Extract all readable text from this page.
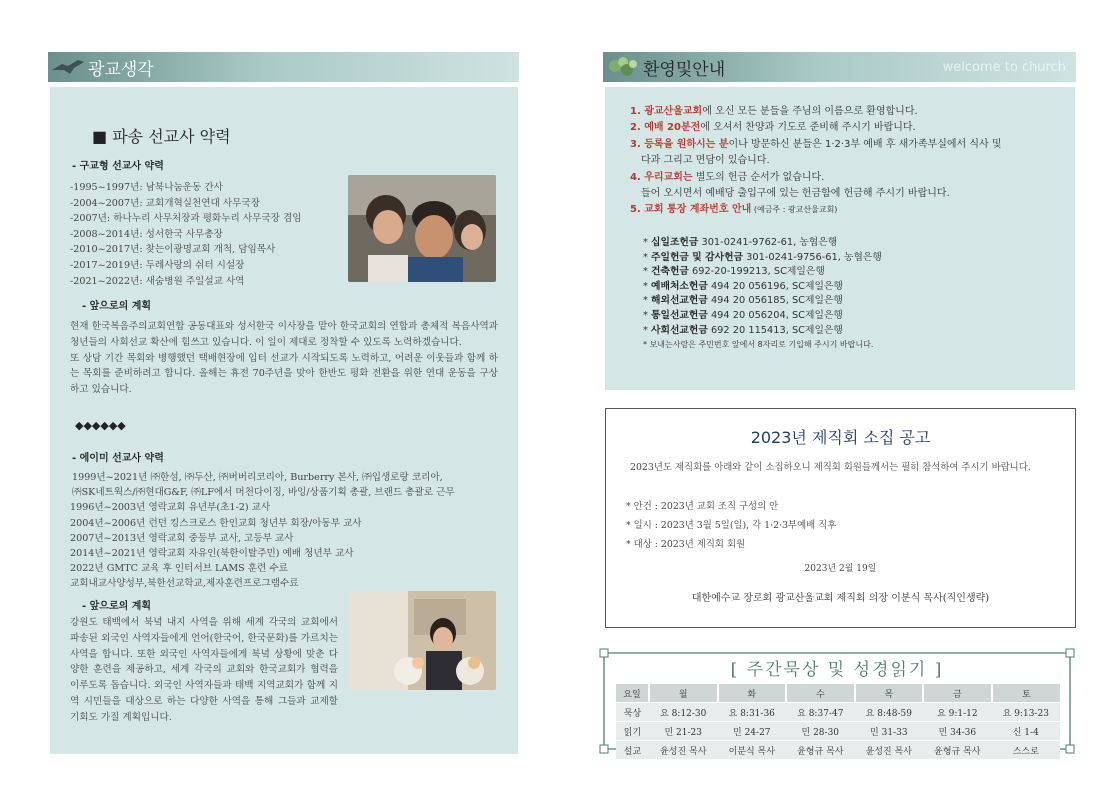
광교생각
■ 파송 선교사 약력
- 구교형 선교사 약력
-1995~1997년: 남북나눔운동 간사
-2004~2007년: 교회개혁실천연대 사무국장
-2007년: 하나누리 사무처장과 평화누리 사무국장 겸임
-2008~2014년: 성서한국 사무총장
-2010~2017년: 찾는이광명교회 개척, 담임목사
-2017~2019년: 두레사랑의 쉬터 시설장
-2021~2022년: 새숨병원 주일설교 사역
- 앞으로의 계획
현재 한국복음주의교회연합 공동대표와 성서한국 이사장을 맡아 한국교회의 연합과 총체적 복음사역과 청년들의 사회선교 확산에 힘쓰고 있습니다. 이 일이 제대로 정착할 수 있도록 노력하겠습니다.
또 상담 기간 목회와 병행했던 택배현장에 입터 선교가 시작되도록 노력하고, 어려운 이웃들과 함께 하는 목회를 준비하려고 합니다. 올해는 휴전 70주년을 맞아 한반도 평화 전환을 위한 연대 운동을 구상하고 있습니다.
◆◆◆◆◆◆
- 에이미 선교사 약력
1999년~2021년 ㈜한섬, ㈜두산, ㈜버버리코리아, Burberry 본사, ㈜입생로랑 코리아,
㈜SK네트웍스/㈜현대G&F, ㈜LF에서 머천다이징, 바잉/상품기획 총괄, 브랜드 총괄로 근무
1996년~2003년 영락교회 유년부(초1-2) 교사
2004년~2006년 런던 킹스크로스 한인교회 청년부 회장/아동부 교사
2007년~2013년 영락교회 중등부 교사, 고등부 교사
2014년~2021년 영락교회 자유인(북한이탈주민) 예배 청년부 교사
2022년 GMTC 교육 후 인터서브 LAMS 훈련 수료
교회내교사양성부,북한선교학교,제자훈련프로그램수료
- 앞으로의 계획
강원도 태백에서 북녘 내지 사역을 위해 세계 각국의 교회에서 파송된 외국인 사역자들에게 언어(한국어, 한국문화)를 가르치는 사역을 합니다. 또한 외국인 사역자들에게 북녘 상황에 맞춘 다양한 훈련을 제공하고, 세계 각국의 교회와 한국교회가 협력을 이루도록 돕습니다. 외국인 사역자들과 태백 지역교회가 함께 지역 시민들을 대상으로 하는 다양한 사역을 통해 그들과 교제할 기회도 가질 계획입니다.
환영및안내	welcome to church
1. 광교산울교회에 오신 모든 분들을 주님의 이름으로 환영합니다.
2. 예배 20분전에 오셔서 찬양과 기도로 준비해 주시기 바랍니다.
3. 등록을 원하시는 분이나 방문하신 분들은 1·2·3부 예배 후 새가족부실에서 식사 및
다과 그리고 면담이 있습니다.
4. 우리교회는 별도의 헌금 순서가 없습니다.
들어 오시면서 예배당 출입구에 있는 헌금함에 헌금해 주시기 바랍니다.
5. 교회 통장 계좌번호 안내 (예금주 : 광교산울교회)
* 십일조헌금 301-0241-9762-61, 농협은행
* 주일헌금 및 감사헌금 301-0241-9756-61, 농협은행
* 건축헌금 692-20-199213, SC제일은행
* 예배처소헌금 494 20 056196, SC제일은행
* 해외선교헌금 494 20 056185, SC제일은행
* 통일선교헌금 494 20 056204, SC제일은행
* 사회선교헌금 692 20 115413, SC제일은행
* 보내는사람은 주민번호 앞에서 8자리로 기입해 주시기 바랍니다.
2023년 제직회 소집 공고
2023년도 제직회를 아래와 같이 소집하오니 제직회 회원들께서는 필히 참석하여 주시기 바랍니다.
* 안건 : 2023년 교회 조직 구성의 안
* 일시 : 2023년 3월 5일(일), 각 1·2·3부예배 직후
* 대상 : 2023년 제직회 회원
2023년 2월 19일
대한예수교 장로회 광교산울교회 제직회 의장 이분식 목사(직인생략)
[ 주간묵상 및 성경읽기 ]
요일	월	화	수	목	금	토
묵상	요 8:12-30	요 8:31-36	요 8:37-47	요 8:48-59	요 9:1-12	요 9:13-23
읽기	민 21-23	민 24-27	민 28-30	민 31-33	민 34-36	신 1-4
설교	윤성진 목사	이분식 목사	윤형규 목사	윤성진 목사	윤형규 목사	스스로
